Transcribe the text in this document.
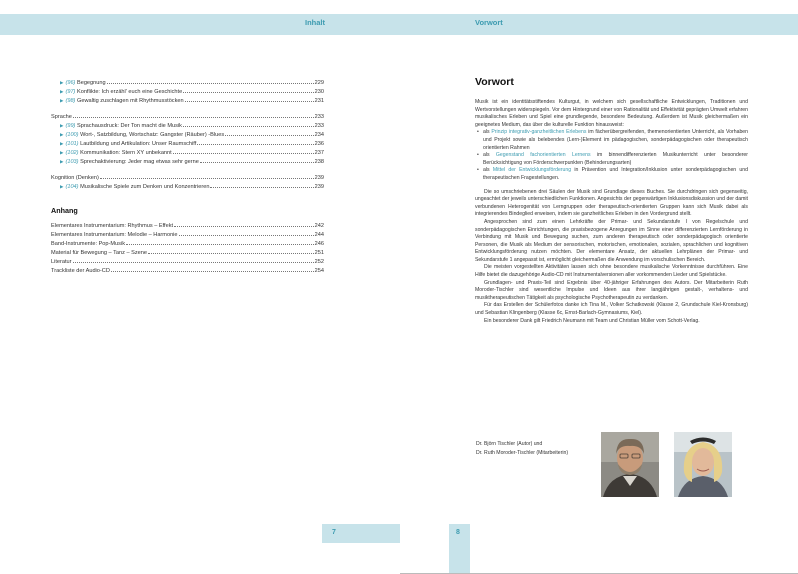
Inhalt	Vorwort
▶ (96) Begegnung	229
▶ (97) Konflikte: Ich erzähl' euch eine Geschichte	230
▶ (98) Gewaltig zuschlagen mit Rhythmusstöcken	231
Sprache	233
▶ (99) Sprachausdruck: Der Ton macht die Musik	233
▶ (100) Wort-, Satzbildung, Wortschatz: Gangster (Räuber) -Blues	234
▶ (101) Lautbildung und Artikulation: Unser Raumschiff	236
▶ (102) Kommunikation: Stern XY unbekannt	237
▶ (103) Sprechaktivierung: Jeder mag etwas sehr gerne	238
Kognition (Denken)	239
▶ (104) Musikalische Spiele zum Denken und Konzentrieren	239
Anhang
Elementares Instrumentarium: Rhythmus – Effekt	242
Elementares Instrumentarium: Melodie – Harmonie	244
Band-Instrumente: Pop-Musik	246
Material für Bewegung – Tanz – Szene	251
Literatur	252
Trackliste der Audio-CD	254
Vorwort

Musik ist ein identitätsstiftendes Kulturgut, in welchem sich gesellschaftliche Entwicklungen, Traditionen und Wertvorstellungen widerspiegeln. Vor dem Hintergrund einer von Rationalität und Effektivität geprägten Umwelt erfahren musikalisches Erleben und Spiel eine grundlegende, besondere Bedeutung. Außerdem ist Musik gleichermaßen ein geeignetes Medium, das über die kulturelle Funktion hinausweist:

• als Prinzip integrativ-ganzheitlichen Erlebens im fächerübergreifenden, themenorientierten Unterricht, als Vorhaben und Projekt sowie als belebendes (Lern-)Element im pädagogischen, sonderpädagogischen oder therapeutisch orientierten Rahmen
• als Gegenstand fachorientierten Lernens im binnendifferenzierten Musikunterricht unter besonderer Berücksichtigung von Förderschwerpunkten (Behinderungsarten)
• als Mittel der Entwicklungsförderung in Prävention und Integration/Inklusion unter sonderpädagogischen und therapeutischen Fragestellungen.

Die so umschriebenen drei Säulen der Musik sind Grundlage dieses Buches. Sie durchdringen sich gegenseitig, ungeachtet der jeweils unterschiedlichen Funktionen. Angesichts der gegenwärtigen Inklusionsdiskussion und der damit verbundenen Heterogenität von Lerngruppen oder therapeutisch-orientierten Gruppen kann sich Musik dabei als integrierendes Bindeglied erweisen, indem sie ganzheitliches Erleben in den Vordergrund stellt.

Angesprochen sind zum einen Lehrkräfte der Primar- und Sekundarstufe I von Regelschule und sonderpädagogischen Einrichtungen, die praxisbezogene Anregungen im Sinne einer differenzierten Lernförderung in Verbindung mit Musik und Bewegung suchen, zum anderen therapeutisch oder sonderpädagogisch orientierte Personen, die Musik als Medium der sensorischen, motorischen, emotionalen, sozialen, sprachlichen und kognitiven Entwicklungsförderung nutzen möchten. Der elementare Ansatz, der aktuellen Lehrplänen der Primar- und Sekundarstufe 1 angepasst ist, ermöglicht gleichermaßen die Anwendung im vorschulischen Bereich.

Die meisten vorgestellten Aktivitäten lassen sich ohne besondere musikalische Vorkenntnisse durchführen. Eine Hilfe bietet die dazugehörige Audio-CD mit Instrumentalversionen aller vorkommenden Lieder und Spielstücke.

Grundlagen- und Praxis-Teil sind Ergebnis über 40-jähriger Erfahrungen des Autors. Der Mitarbeiterin Ruth Moroder-Tischler sind wesentliche Impulse und Ideen aus ihrer langjährigen gestalt-, verhaltens- und musiktherapeutischen Tätigkeit als psychologische Psychotherapeutin zu verdanken.

Für das Erstellen der Schülerfotos danke ich Tina M., Volker Schatkowski (Klasse 2, Grundschule Kiel-Kronsburg) und Sebastian Klingenberg (Klasse 6c, Ernst-Barlach-Gymnasiums, Kiel).

Ein besonderer Dank gilt Friedrich Neumann mit Team und Christian Müller vom Schott-Verlag.

Dr. Björn Tischler (Autor) und
Dr. Ruth Moroder-Tischler (Mitarbeiterin)
7	8
